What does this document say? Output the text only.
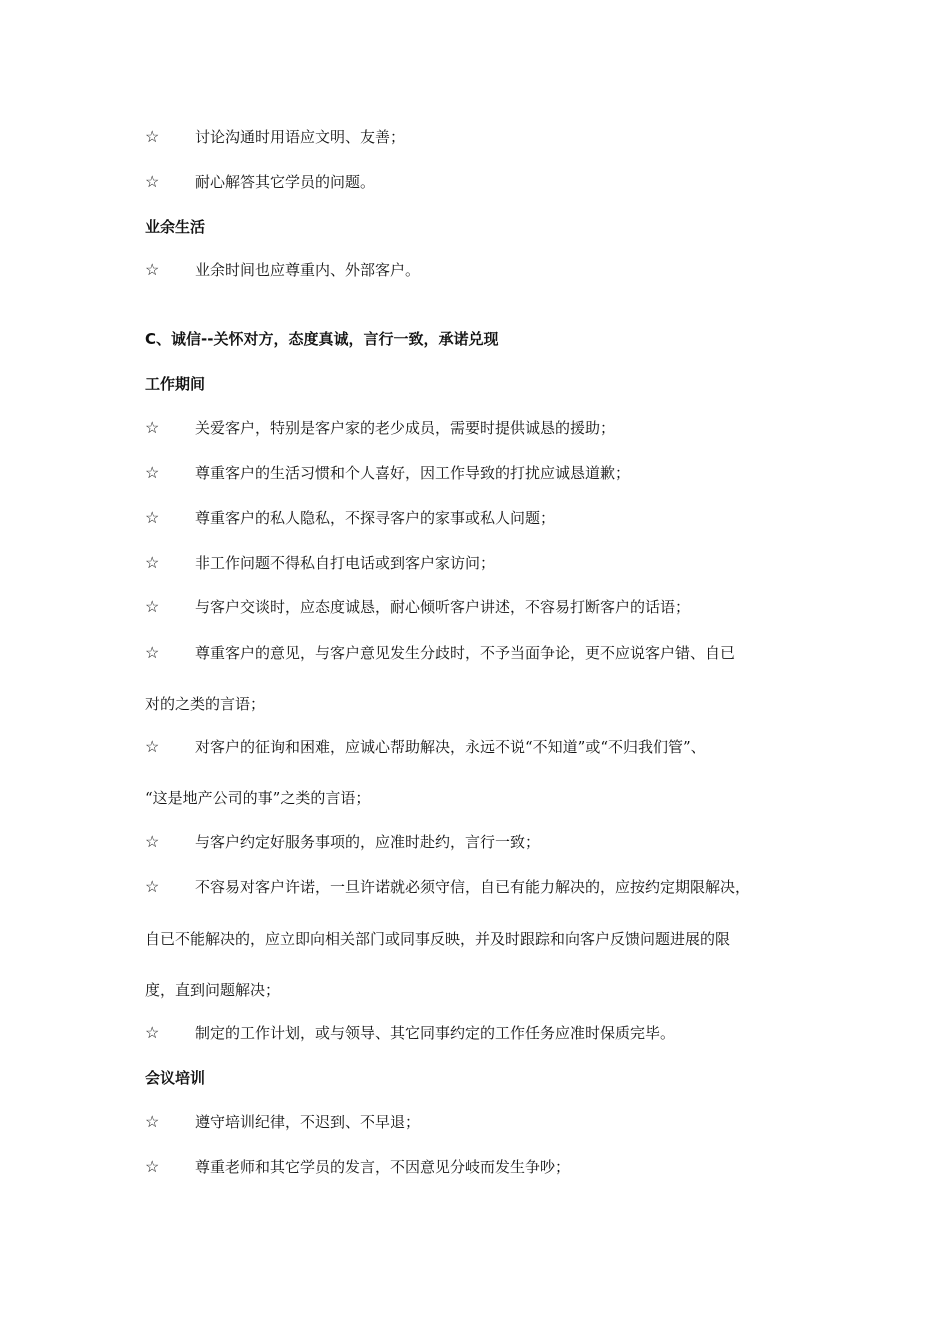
☆ 讨论沟通时用语应文明、友善；
☆ 耐心解答其它学员的问题。
业余生活
☆ 业余时间也应尊重内、外部客户。
C、诚信--关怀对方，态度真诚，言行一致，承诺兑现
工作期间
☆ 关爱客户，特别是客户家的老少成员，需要时提供诚恳的援助；
☆ 尊重客户的生活习惯和个人喜好，因工作导致的打扰应诚恳道歉；
☆ 尊重客户的私人隐私，不探寻客户的家事或私人问题；
☆ 非工作问题不得私自打电话或到客户家访问；
☆ 与客户交谈时，应态度诚恳，耐心倾听客户讲述，不容易打断客户的话语；
☆ 尊重客户的意见，与客户意见发生分歧时，不予当面争论，更不应说客户错、自已
对的之类的言语；
☆ 对客户的征询和困难，应诚心帮助解决，永远不说“不知道”或“不归我们管”、
“这是地产公司的事”之类的言语；
☆ 与客户约定好服务事项的，应准时赴约，言行一致；
☆ 不容易对客户许诺，一旦许诺就必须守信，自已有能力解决的，应按约定期限解决，
自已不能解决的，应立即向相关部门或同事反映，并及时跟踪和向客户反馈问题进展的限
度，直到问题解决；
☆ 制定的工作计划，或与领导、其它同事约定的工作任务应准时保质完毕。
会议培训
☆ 遵守培训纪律，不迟到、不早退；
☆ 尊重老师和其它学员的发言，不因意见分岐而发生争吵；
